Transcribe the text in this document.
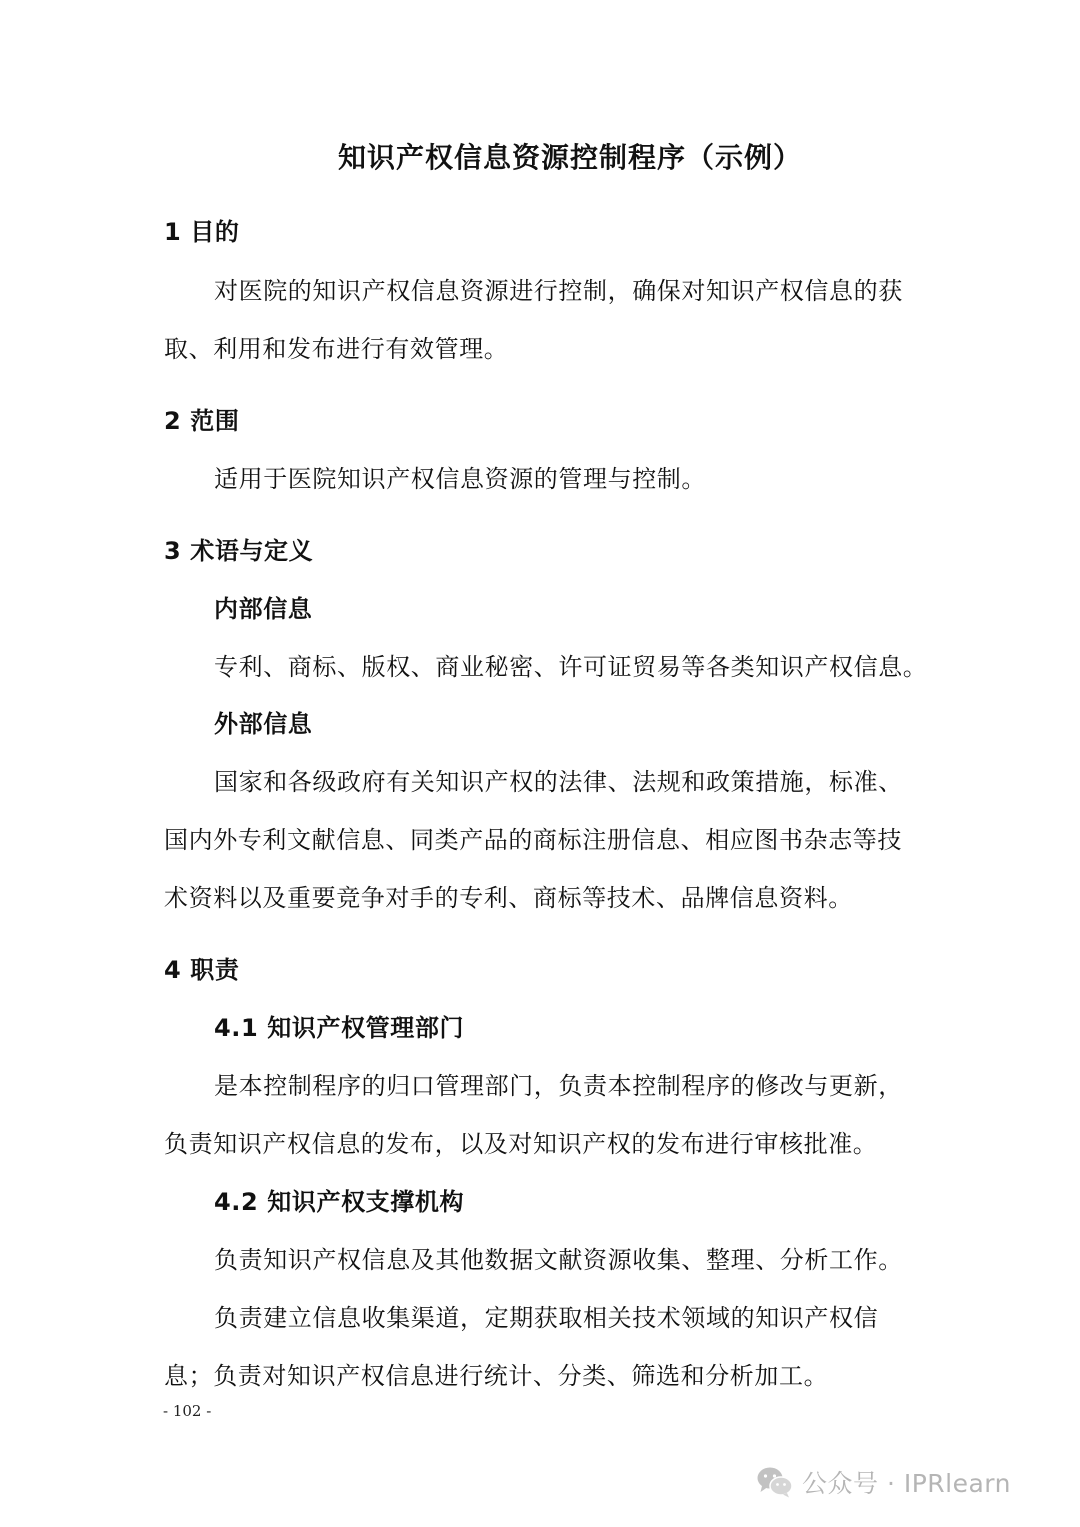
知识产权信息资源控制程序（示例）
1 目的
对医院的知识产权信息资源进行控制，确保对知识产权信息的获
取、利用和发布进行有效管理。
2 范围
适用于医院知识产权信息资源的管理与控制。
3 术语与定义
内部信息
专利、商标、版权、商业秘密、许可证贸易等各类知识产权信息。
外部信息
国家和各级政府有关知识产权的法律、法规和政策措施，标准、
国内外专利文献信息、同类产品的商标注册信息、相应图书杂志等技
术资料以及重要竞争对手的专利、商标等技术、品牌信息资料。
4 职责
4.1 知识产权管理部门
是本控制程序的归口管理部门，负责本控制程序的修改与更新，
负责知识产权信息的发布，以及对知识产权的发布进行审核批准。
4.2 知识产权支撑机构
负责知识产权信息及其他数据文献资源收集、整理、分析工作。
负责建立信息收集渠道，定期获取相关技术领域的知识产权信
息；负责对知识产权信息进行统计、分类、筛选和分析加工。
- 102 -
公众号 · IPRlearn
